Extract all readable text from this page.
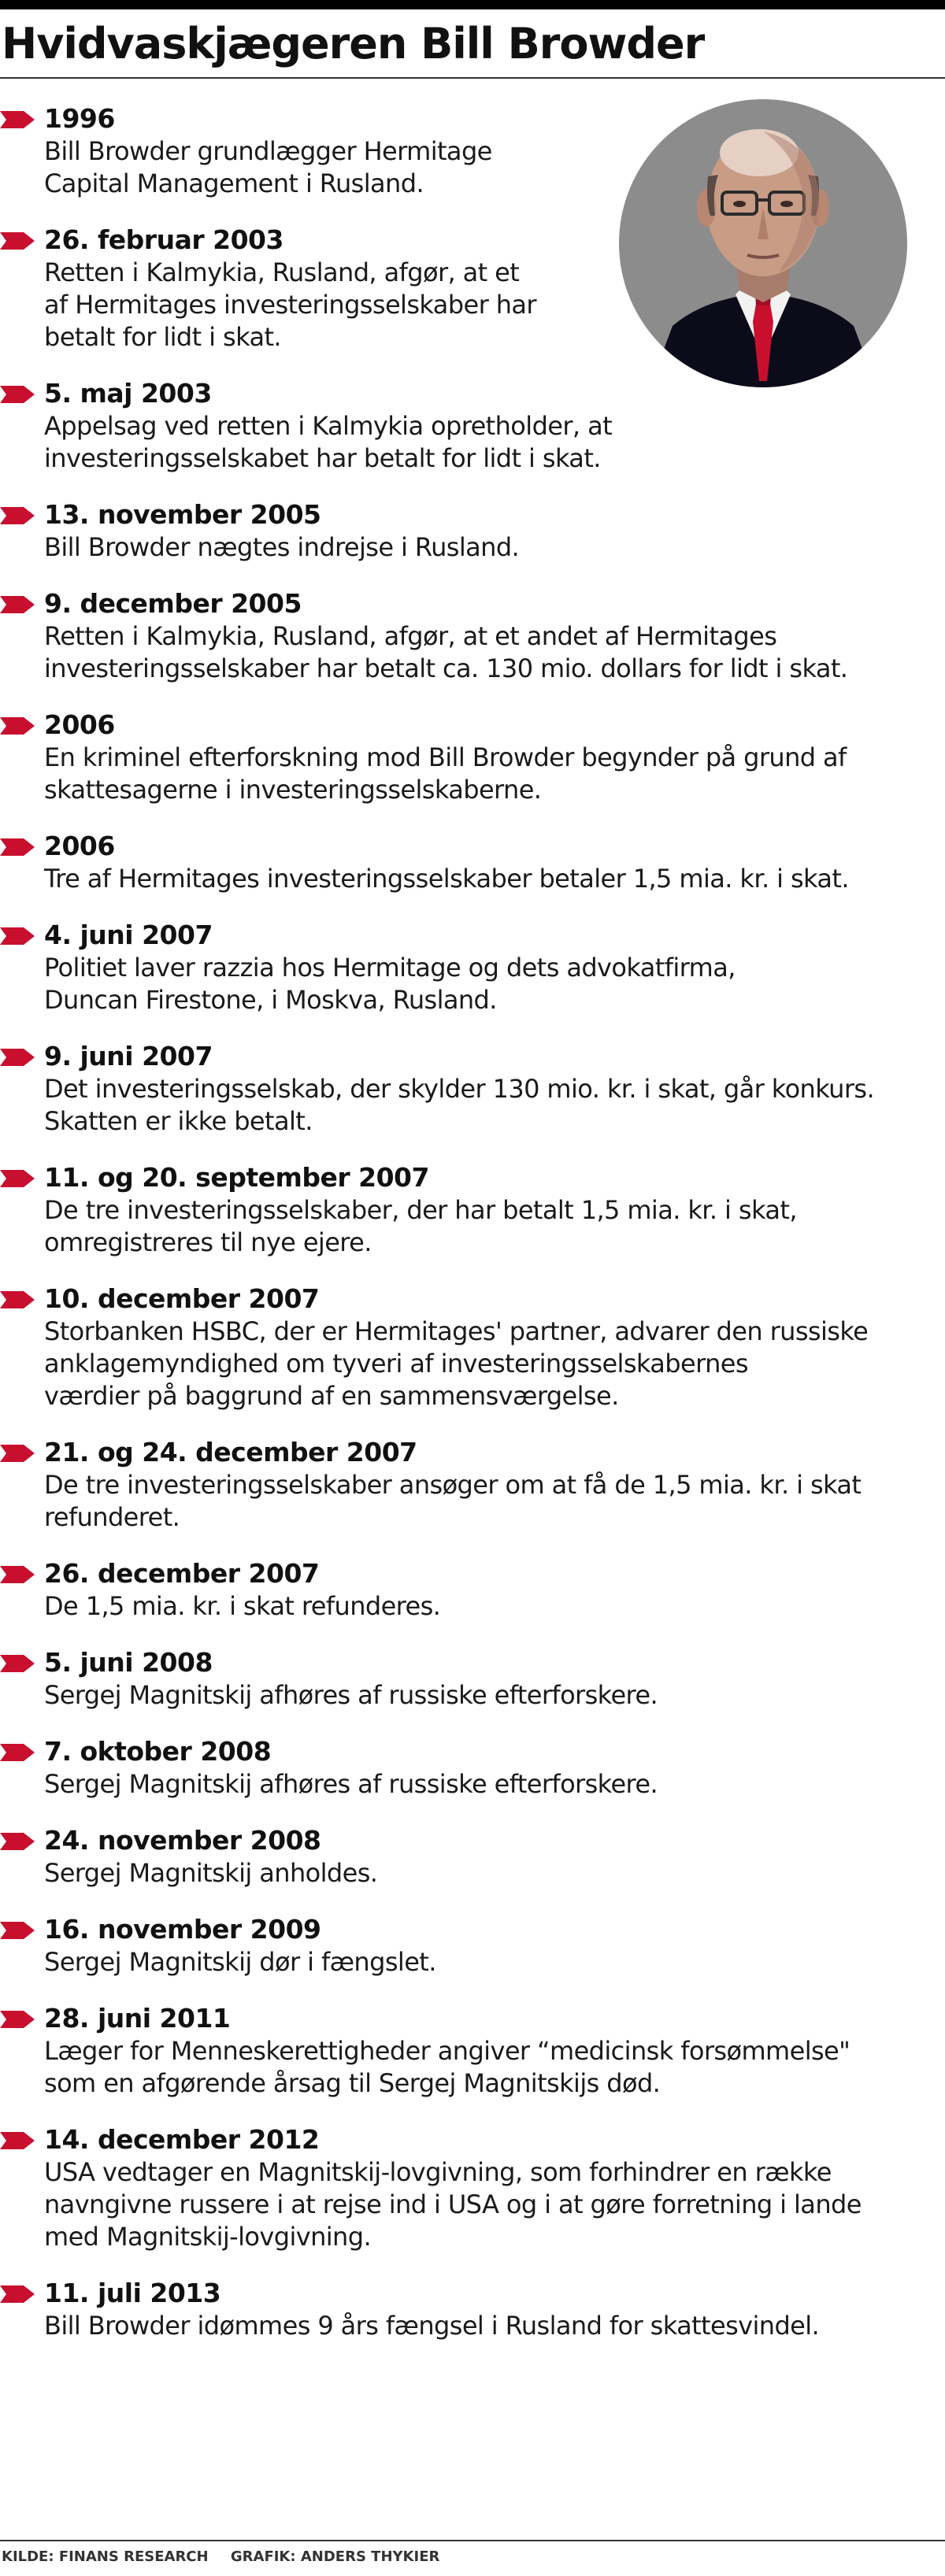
Hvidvaskjægeren Bill Browder
1996
Bill Browder grundlægger Hermitage
Capital Management i Rusland.
26. februar 2003
Retten i Kalmykia, Rusland, afgør, at et
af Hermitages investeringsselskaber har
betalt for lidt i skat.
5. maj 2003
Appelsag ved retten i Kalmykia opretholder, at
investeringsselskabet har betalt for lidt i skat.
13. november 2005
Bill Browder nægtes indrejse i Rusland.
9. december 2005
Retten i Kalmykia, Rusland, afgør, at et andet af Hermitages
investeringsselskaber har betalt ca. 130 mio. dollars for lidt i skat.
2006
En kriminel efterforskning mod Bill Browder begynder på grund af
skattesagerne i investeringsselskaberne.
2006
Tre af Hermitages investeringsselskaber betaler 1,5 mia. kr. i skat.
4. juni 2007
Politiet laver razzia hos Hermitage og dets advokatfirma,
Duncan Firestone, i Moskva, Rusland.
9. juni 2007
Det investeringsselskab, der skylder 130 mio. kr. i skat, går konkurs.
Skatten er ikke betalt.
11. og 20. september 2007
De tre investeringsselskaber, der har betalt 1,5 mia. kr. i skat,
omregistreres til nye ejere.
10. december 2007
Storbanken HSBC, der er Hermitages' partner, advarer den russiske
anklagemyndighed om tyveri af investeringsselskabernes
værdier på baggrund af en sammensværgelse.
21. og 24. december 2007
De tre investeringsselskaber ansøger om at få de 1,5 mia. kr. i skat
refunderet.
26. december 2007
De 1,5 mia. kr. i skat refunderes.
5. juni 2008
Sergej Magnitskij afhøres af russiske efterforskere.
7. oktober 2008
Sergej Magnitskij afhøres af russiske efterforskere.
24. november 2008
Sergej Magnitskij anholdes.
16. november 2009
Sergej Magnitskij dør i fængslet.
28. juni 2011
Læger for Menneskerettigheder angiver “medicinsk forsømmelse"
som en afgørende årsag til Sergej Magnitskijs død.
14. december 2012
USA vedtager en Magnitskij-lovgivning, som forhindrer en række
navngivne russere i at rejse ind i USA og i at gøre forretning i lande
med Magnitskij-lovgivning.
11. juli 2013
Bill Browder idømmes 9 års fængsel i Rusland for skattesvindel.
KILDE: FINANS RESEARCH GRAFIK: ANDERS THYKIER
